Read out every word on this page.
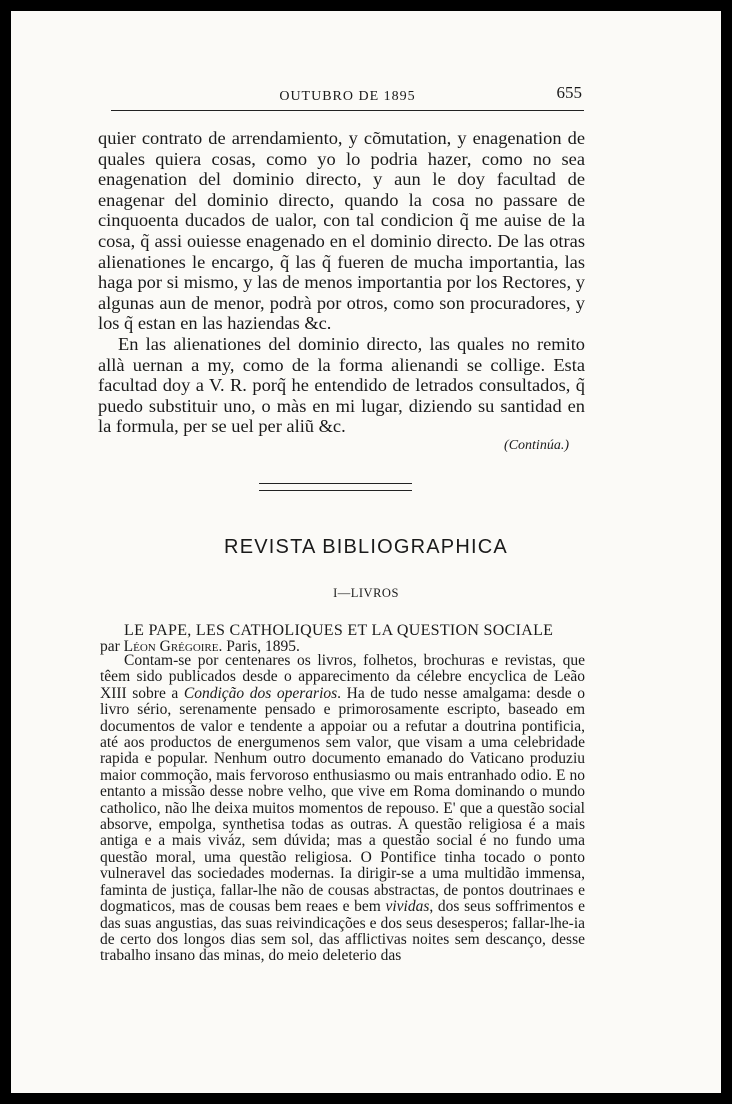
OUTUBRO DE 1895	655

quier contrato de arrendamiento, y cõmutation, y enagenation de quales quiera cosas, como yo lo podria hazer, como no sea enagenation del dominio directo, y aun le doy facultad de enagenar del dominio directo, quando la cosa no passare de cinquoenta ducados de ualor, con tal condicion q̃ me auise de la cosa, q̃ assi ouiesse enagenado en el dominio directo. De las otras alienationes le encargo, q̃ las q̃ fueren de mucha importantia, las haga por si mismo, y las de menos importantia por los Rectores, y algunas aun de menor, podrà por otros, como son procuradores, y los q̃ estan en las haziendas &c.

En las alienationes del dominio directo, las quales no remito allà uernan a my, como de la forma alienandi se collige. Esta facultad doy a V. R. porq̃ he entendido de letrados consultados, q̃ puedo substituir uno, o màs en mi lugar, diziendo su santidad en la formula, per se uel per aliũ &c.

(Continúa.)
REVISTA BIBLIOGRAPHICA
I—LIVROS
LE PAPE, LES CATHOLIQUES ET LA QUESTION SOCIALE
par Léon Grégoire. Paris, 1895.

Contam-se por centenares os livros, folhetos, brochuras e revistas, que têem sido publicados desde o apparecimento da célebre encyclica de Leão XIII sobre a Condição dos operarios. Ha de tudo nesse amalgama: desde o livro sério, serenamente pensado e primorosamente escripto, baseado em documentos de valor e tendente a appoiar ou a refutar a doutrina pontificia, até aos productos de energumenos sem valor, que visam a uma celebridade rapida e popular. Nenhum outro documento emanado do Vaticano produziu maior commoção, mais fervoroso enthusiasmo ou mais entranhado odio. E no entanto a missão desse nobre velho, que vive em Roma dominando o mundo catholico, não lhe deixa muitos momentos de repouso. E' que a questão social absorve, empolga, synthetisa todas as outras. A questão religiosa é a mais antiga e a mais viváz, sem dúvida; mas a questão social é no fundo uma questão moral, uma questão religiosa. O Pontifice tinha tocado o ponto vulneravel das sociedades modernas. Ia dirigir-se a uma multidão immensa, faminta de justiça, fallar-lhe não de cousas abstractas, de pontos doutrinaes e dogmaticos, mas de cousas bem reaes e bem vividas, dos seus soffrimentos e das suas angustias, das suas reivindicações e dos seus desesperos; fallar-lhe-ia de certo dos longos dias sem sol, das afflictivas noites sem descanço, desse trabalho insano das minas, do meio deleterio das
